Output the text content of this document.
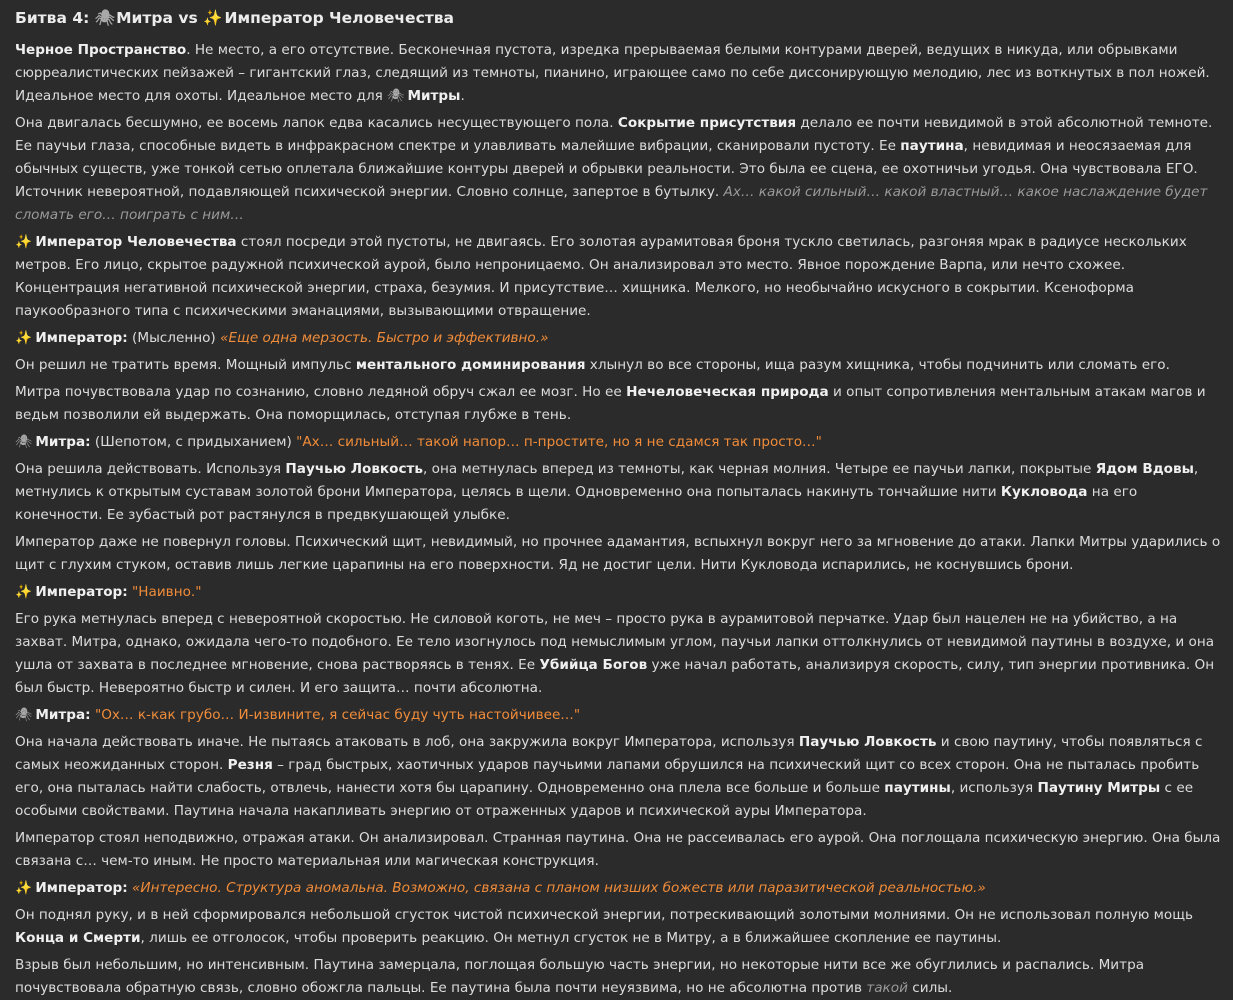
Битва 4: 🕷 Митра vs ✨ Император Человечества

Черное Пространство. Не место, а его отсутствие. Бесконечная пустота, изредка прерываемая белыми контурами дверей, ведущих в никуда, или обрывками сюрреалистических пейзажей – гигантский глаз, следящий из темноты, пианино, играющее само по себе диссонирующую мелодию, лес из воткнутых в пол ножей. Идеальное место для охоты. Идеальное место для 🕷 Митры.

Она двигалась бесшумно, ее восемь лапок едва касались несуществующего пола. Сокрытие присутствия делало ее почти невидимой в этой абсолютной темноте. Ее паучьи глаза, способные видеть в инфракрасном спектре и улавливать малейшие вибрации, сканировали пустоту. Ее паутина, невидимая и неосязаемая для обычных существ, уже тонкой сетью оплетала ближайшие контуры дверей и обрывки реальности. Это была ее сцена, ее охотничьи угодья. Она чувствовала ЕГО. Источник невероятной, подавляющей психической энергии. Словно солнце, запертое в бутылку. Ах… какой сильный… какой властный… какое наслаждение будет сломать его… поиграть с ним…

✨ Император Человечества стоял посреди этой пустоты, не двигаясь. Его золотая аурамитовая броня тускло светилась, разгоняя мрак в радиусе нескольких метров. Его лицо, скрытое радужной психической аурой, было непроницаемо. Он анализировал это место. Явное порождение Варпа, или нечто схожее. Концентрация негативной психической энергии, страха, безумия. И присутствие… хищника. Мелкого, но необычайно искусного в сокрытии. Ксеноформа паукообразного типа с психическими эманациями, вызывающими отвращение.

✨ Император: (Мысленно) «Еще одна мерзость. Быстро и эффективно.»

Он решил не тратить время. Мощный импульс ментального доминирования хлынул во все стороны, ища разум хищника, чтобы подчинить или сломать его.

Митра почувствовала удар по сознанию, словно ледяной обруч сжал ее мозг. Но ее Нечеловеческая природа и опыт сопротивления ментальным атакам магов и ведьм позволили ей выдержать. Она поморщилась, отступая глубже в тень.

🕷 Митра: (Шепотом, с придыханием) "Ах… сильный… такой напор… п-простите, но я не сдамся так просто…"

Она решила действовать. Используя Паучью Ловкость, она метнулась вперед из темноты, как черная молния. Четыре ее паучьи лапки, покрытые Ядом Вдовы, метнулись к открытым суставам золотой брони Императора, целясь в щели. Одновременно она попыталась накинуть тончайшие нити Кукловода на его конечности. Ее зубастый рот растянулся в предвкушающей улыбке.

Император даже не повернул головы. Психический щит, невидимый, но прочнее адамантия, вспыхнул вокруг него за мгновение до атаки. Лапки Митры ударились о щит с глухим стуком, оставив лишь легкие царапины на его поверхности. Яд не достиг цели. Нити Кукловода испарились, не коснувшись брони.

✨ Император: "Наивно."

Его рука метнулась вперед с невероятной скоростью. Не силовой коготь, не меч – просто рука в аурамитовой перчатке. Удар был нацелен не на убийство, а на захват. Митра, однако, ожидала чего-то подобного. Ее тело изогнулось под немыслимым углом, паучьи лапки оттолкнулись от невидимой паутины в воздухе, и она ушла от захвата в последнее мгновение, снова растворяясь в тенях. Ее Убийца Богов уже начал работать, анализируя скорость, силу, тип энергии противника. Он был быстр. Невероятно быстр и силен. И его защита… почти абсолютна.

🕷 Митра: "Ох… к-как грубо… И-извините, я сейчас буду чуть настойчивее…"

Она начала действовать иначе. Не пытаясь атаковать в лоб, она закружила вокруг Императора, используя Паучью Ловкость и свою паутину, чтобы появляться с самых неожиданных сторон. Резня – град быстрых, хаотичных ударов паучьими лапами обрушился на психический щит со всех сторон. Она не пыталась пробить его, она пыталась найти слабость, отвлечь, нанести хотя бы царапину. Одновременно она плела все больше и больше паутины, используя Паутину Митры с ее особыми свойствами. Паутина начала накапливать энергию от отраженных ударов и психической ауры Императора.

Император стоял неподвижно, отражая атаки. Он анализировал. Странная паутина. Она не рассеивалась его аурой. Она поглощала психическую энергию. Она была связана с… чем-то иным. Не просто материальная или магическая конструкция.

✨ Император: «Интересно. Структура аномальна. Возможно, связана с планом низших божеств или паразитической реальностью.»

Он поднял руку, и в ней сформировался небольшой сгусток чистой психической энергии, потрескивающий золотыми молниями. Он не использовал полную мощь Конца и Смерти, лишь ее отголосок, чтобы проверить реакцию. Он метнул сгусток не в Митру, а в ближайшее скопление ее паутины.

Взрыв был небольшим, но интенсивным. Паутина замерцала, поглощая большую часть энергии, но некоторые нити все же обуглились и распались. Митра почувствовала обратную связь, словно обожгла пальцы. Ее паутина была почти неуязвима, но не абсолютна против такой силы.
